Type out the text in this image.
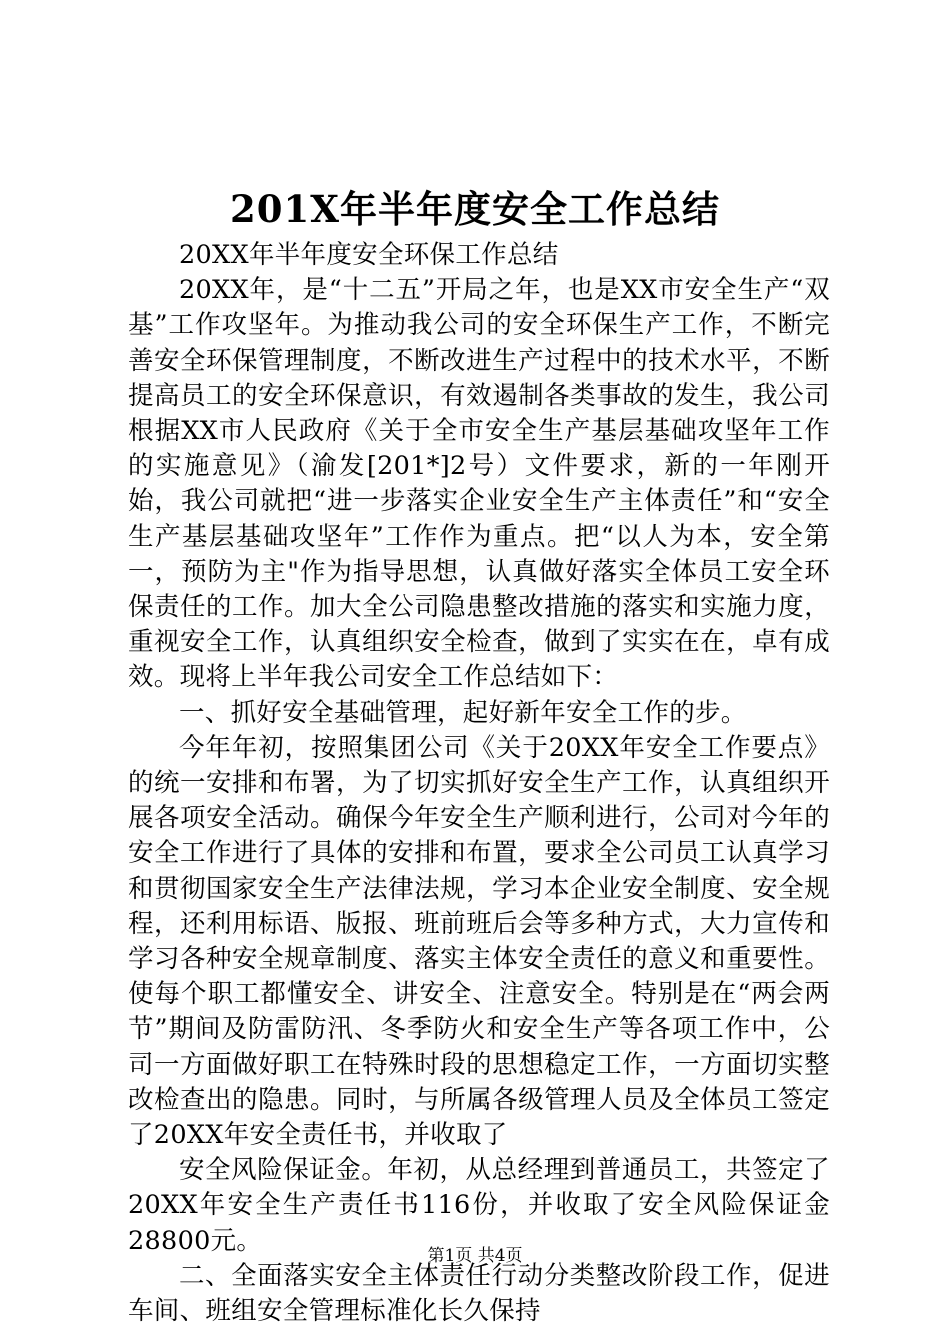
201X年半年度安全工作总结

20XX年半年度安全环保工作总结

20XX年，是“十二五”开局之年，也是XX市安全生产“双基”工作攻坚年。为推动我公司的安全环保生产工作，不断完善安全环保管理制度，不断改进生产过程中的技术水平，不断提高员工的安全环保意识，有效遏制各类事故的发生，我公司根据XX市人民政府《关于全市安全生产基层基础攻坚年工作的实施意见》（渝发[201*]2号）文件要求，新的一年刚开始，我公司就把“进一步落实企业安全生产主体责任”和“安全生产基层基础攻坚年”工作作为重点。把“以人为本，安全第一，预防为主"作为指导思想，认真做好落实全体员工安全环保责任的工作。加大全公司隐患整改措施的落实和实施力度，重视安全工作，认真组织安全检查，做到了实实在在，卓有成效。现将上半年我公司安全工作总结如下：

一、抓好安全基础管理，起好新年安全工作的步。

今年年初，按照集团公司《关于20XX年安全工作要点》的统一安排和布署，为了切实抓好安全生产工作，认真组织开展各项安全活动。确保今年安全生产顺利进行，公司对今年的安全工作进行了具体的安排和布置，要求全公司员工认真学习和贯彻国家安全生产法律法规，学习本企业安全制度、安全规程，还利用标语、版报、班前班后会等多种方式，大力宣传和学习各种安全规章制度、落实主体安全责任的意义和重要性。使每个职工都懂安全、讲安全、注意安全。特别是在“两会两节”期间及防雷防汛、冬季防火和安全生产等各项工作中，公司一方面做好职工在特殊时段的思想稳定工作，一方面切实整改检查出的隐患。同时，与所属各级管理人员及全体员工签定了20XX年安全责任书，并收取了

安全风险保证金。年初，从总经理到普通员工，共签定了20XX年安全生产责任书116份，并收取了安全风险保证金28800元。

二、全面落实安全主体责任行动分类整改阶段工作，促进车间、班组安全管理标准化长久保持

第1页 共4页
